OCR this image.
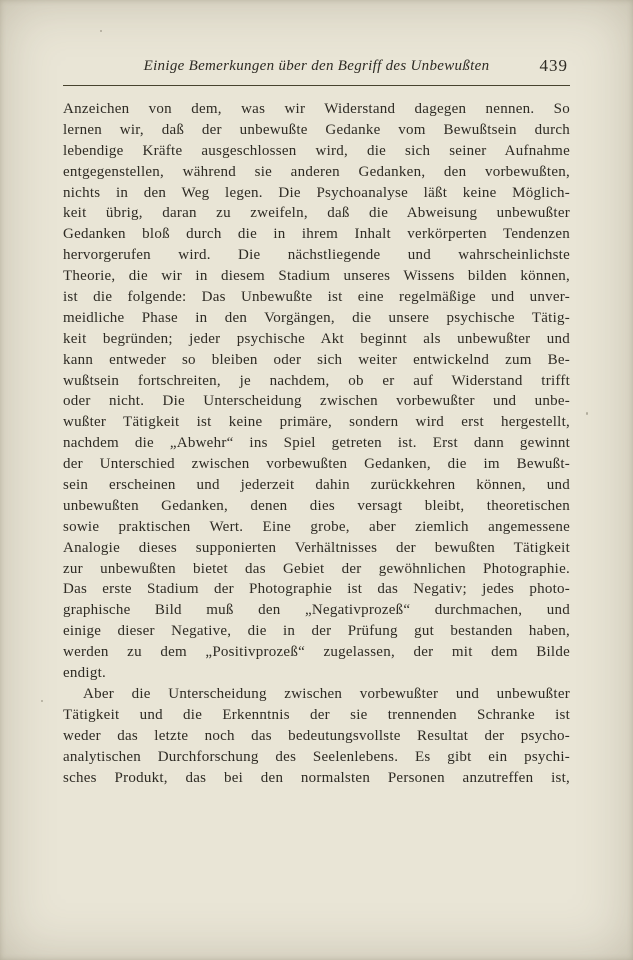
Einige Bemerkungen über den Begriff des Unbewußten	439
Anzeichen von dem, was wir Widerstand dagegen nennen. So
lernen wir, daß der unbewußte Gedanke vom Bewußtsein durch
lebendige Kräfte ausgeschlossen wird, die sich seiner Aufnahme
entgegenstellen, während sie anderen Gedanken, den vorbewußten,
nichts in den Weg legen. Die Psychoanalyse läßt keine Möglich-
keit übrig, daran zu zweifeln, daß die Abweisung unbewußter
Gedanken bloß durch die in ihrem Inhalt verkörperten Tendenzen
hervorgerufen wird. Die nächstliegende und wahrscheinlichste
Theorie, die wir in diesem Stadium unseres Wissens bilden können,
ist die folgende: Das Unbewußte ist eine regelmäßige und unver-
meidliche Phase in den Vorgängen, die unsere psychische Tätig-
keit begründen; jeder psychische Akt beginnt als unbewußter und
kann entweder so bleiben oder sich weiter entwickelnd zum Be-
wußtsein fortschreiten, je nachdem, ob er auf Widerstand trifft
oder nicht. Die Unterscheidung zwischen vorbewußter und unbe-
wußter Tätigkeit ist keine primäre, sondern wird erst hergestellt,
nachdem die „Abwehr“ ins Spiel getreten ist. Erst dann gewinnt
der Unterschied zwischen vorbewußten Gedanken, die im Bewußt-
sein erscheinen und jederzeit dahin zurückkehren können, und
unbewußten Gedanken, denen dies versagt bleibt, theoretischen
sowie praktischen Wert. Eine grobe, aber ziemlich angemessene
Analogie dieses supponierten Verhältnisses der bewußten Tätigkeit
zur unbewußten bietet das Gebiet der gewöhnlichen Photographie.
Das erste Stadium der Photographie ist das Negativ; jedes photo-
graphische Bild muß den „Negativprozeß“ durchmachen, und
einige dieser Negative, die in der Prüfung gut bestanden haben,
werden zu dem „Positivprozeß“ zugelassen, der mit dem Bilde
endigt.
Aber die Unterscheidung zwischen vorbewußter und unbewußter
Tätigkeit und die Erkenntnis der sie trennenden Schranke ist
weder das letzte noch das bedeutungsvollste Resultat der psycho-
analytischen Durchforschung des Seelenlebens. Es gibt ein psychi-
sches Produkt, das bei den normalsten Personen anzutreffen ist,
